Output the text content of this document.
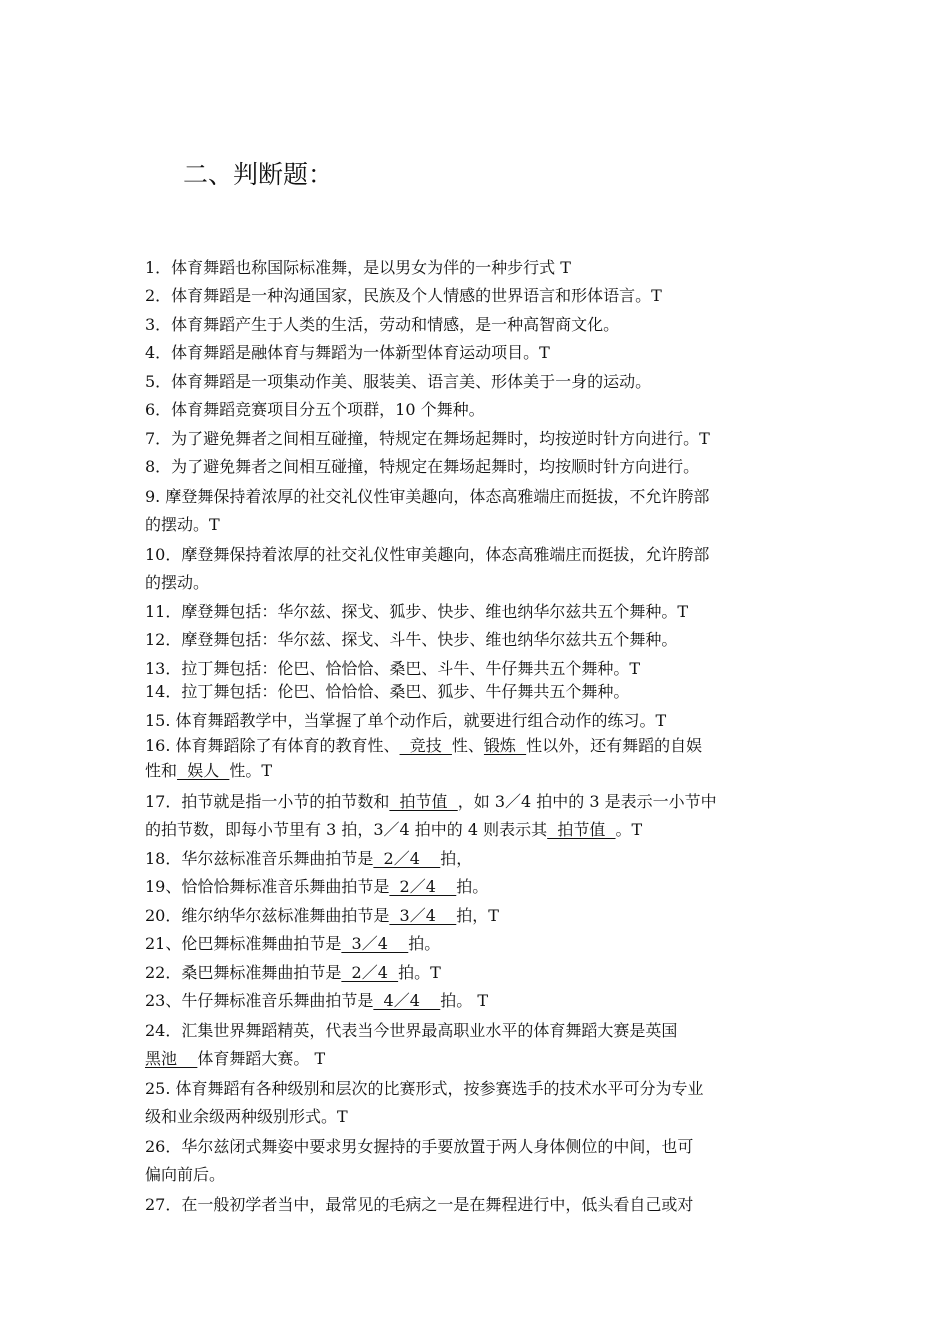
二、判断题：
1．体育舞蹈也称国际标准舞，是以男女为伴的一种步行式 T
2．体育舞蹈是一种沟通国家，民族及个人情感的世界语言和形体语言。T
3．体育舞蹈产生于人类的生活，劳动和情感，是一种高智商文化。
4．体育舞蹈是融体育与舞蹈为一体新型体育运动项目。T
5．体育舞蹈是一项集动作美、服装美、语言美、形体美于一身的运动。
6．体育舞蹈竞赛项目分五个项群，10 个舞种。
7．为了避免舞者之间相互碰撞，特规定在舞场起舞时，均按逆时针方向进行。T
8．为了避免舞者之间相互碰撞，特规定在舞场起舞时，均按顺时针方向进行。
9. 摩登舞保持着浓厚的社交礼仪性审美趣向，体态高雅端庄而挺拔，不允许胯部
的摆动。T
10．摩登舞保持着浓厚的社交礼仪性审美趣向，体态高雅端庄而挺拔，允许胯部
的摆动。
11．摩登舞包括：华尔兹、探戈、狐步、快步、维也纳华尔兹共五个舞种。T
12．摩登舞包括：华尔兹、探戈、斗牛、快步、维也纳华尔兹共五个舞种。
13．拉丁舞包括：伦巴、恰恰恰、桑巴、斗牛、牛仔舞共五个舞种。T
14．拉丁舞包括：伦巴、恰恰恰、桑巴、狐步、牛仔舞共五个舞种。
15. 体育舞蹈教学中，当掌握了单个动作后，就要进行组合动作的练习。T
16. 体育舞蹈除了有体育的教育性、  竞技  性、锻炼  性以外，还有舞蹈的自娱
性和  娱人  性。T
17．拍节就是指一小节的拍节数和  拍节值  ，如 3／4 拍中的 3 是表示一小节中
的拍节数，即每小节里有 3 拍，3／4 拍中的 4 则表示其  拍节值  。T
18．华尔兹标准音乐舞曲拍节是  2／4    拍，
19、恰恰恰舞标准音乐舞曲拍节是  2／4    拍。
20．维尔纳华尔兹标准舞曲拍节是  3／4    拍，T
21、伦巴舞标准舞曲拍节是  3／4    拍。
22．桑巴舞标准舞曲拍节是  2／4  拍。T
23、牛仔舞标准音乐舞曲拍节是  4／4    拍。 T
24．汇集世界舞蹈精英，代表当今世界最高职业水平的体育舞蹈大赛是英国
黑池    体育舞蹈大赛。 T
25. 体育舞蹈有各种级别和层次的比赛形式，按参赛选手的技术水平可分为专业
级和业余级两种级别形式。T
26．华尔兹闭式舞姿中要求男女握持的手要放置于两人身体侧位的中间，也可
偏向前后。
27．在一般初学者当中，最常见的毛病之一是在舞程进行中，低头看自己或对
